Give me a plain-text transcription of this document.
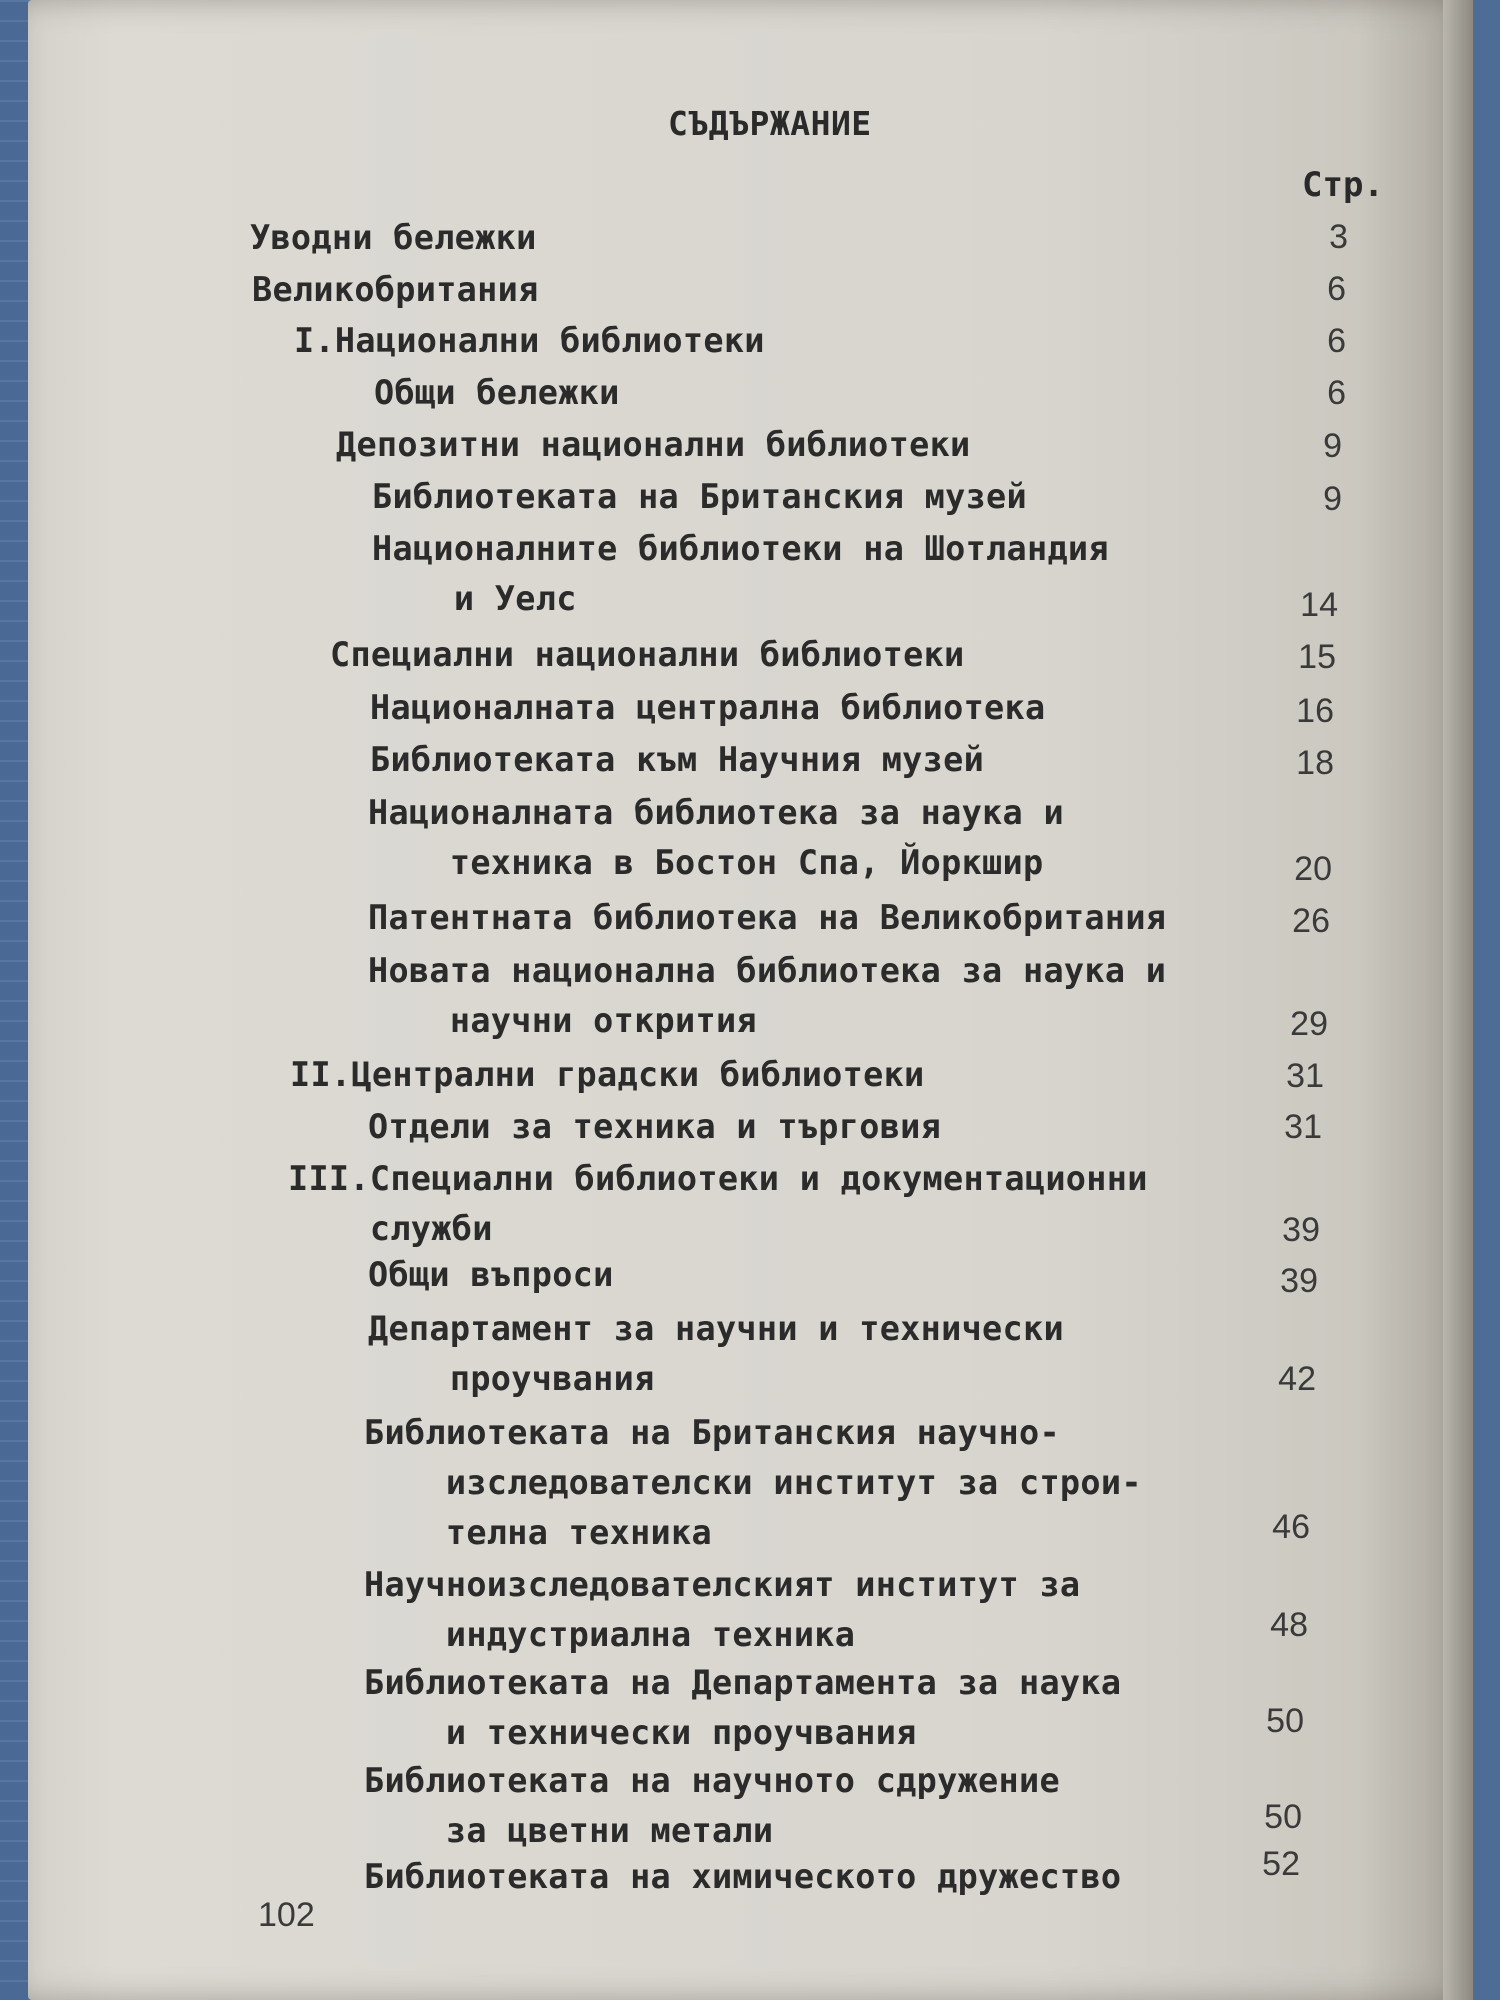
СЪДЪРЖАНИЕ
Стр.
Уводни бележки	3
Великобритания	6
I.Национални библиотеки	6
Общи бележки	6
Депозитни национални библиотеки	9
Библиотеката на Британския музей	9
Националните библиотеки на Шотландия
и Уелс	14
Специални национални библиотеки	15
Националната централна библиотека	16
Библиотеката към Научния музей	18
Националната библиотека за наука и
техника в Бостон Спа, Йоркшир	20
Патентната библиотека на Великобритания	26
Новата национална библиотека за наука и
научни открития	29
II.Централни градски библиотеки	31
Отдели за техника и търговия	31
III.Специални библиотеки и документационни
служби	39
Общи въпроси	39
Департамент за научни и технически
проучвания	42
Библиотеката на Британския научно-
изследователски институт за строи-
телна техника	46
Научноизследователският институт за
индустриална техника	48
Библиотеката на Департамента за наука
и технически проучвания	50
Библиотеката на научното сдружение
за цветни метали	50
Библиотеката на химическото дружество	52
102
